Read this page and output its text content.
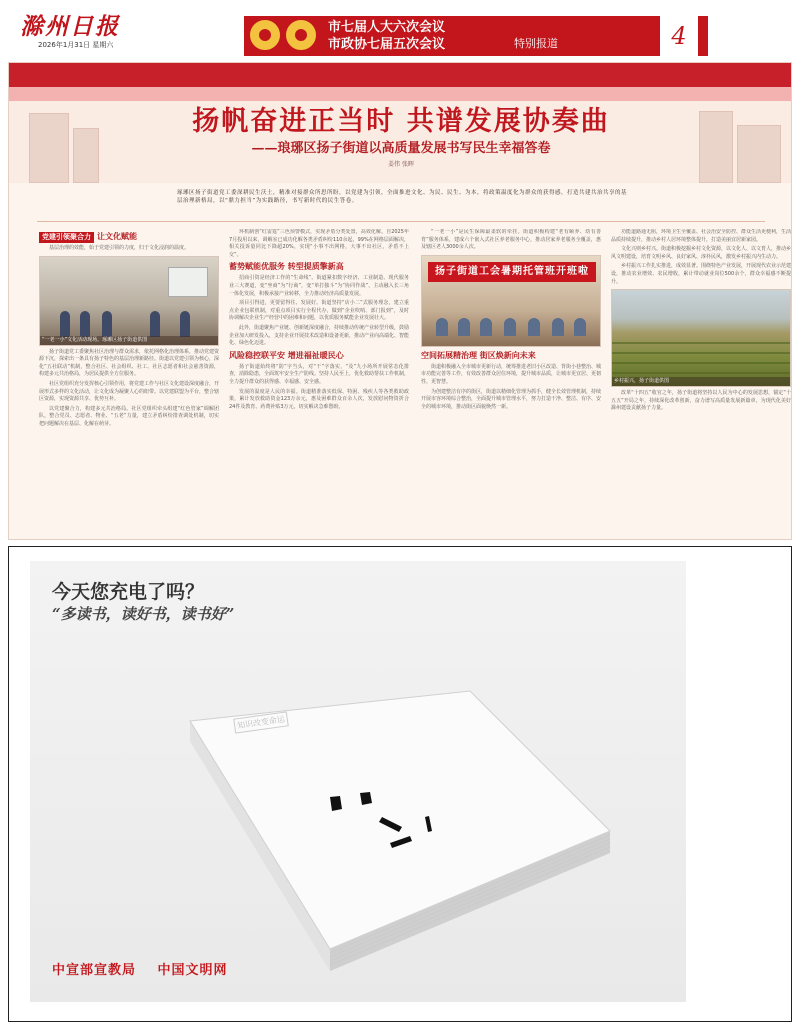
滁州日报
2026年1月31日 星期六
市七届人大六次会议
市政协七届五次会议	特别报道	4
扬帆奋进正当时 共谱发展协奏曲
——琅琊区扬子街道以高质量发展书写民生幸福答卷
姜伟 张晖
琢琊区扬子街道党工委深耕民生沃土，精准对接群众所思所盼，以党建为引领，全面推进文化、为民、民生、为本，将政策温度化为群众的获得感，打造共建共治共享的基层治理新格局，以“鼎力担当”为实践路径，书写新时代的民生答卷。
党建引领聚合力 让文化赋能

基层治理的效能，始于党建引领的力度，归于文化浸润的温度。

“一老一小”文化活动现场。琢琊区扬子街道供图

扬子街道党工委聚焦社区治理与群众需求，依托网格化治理体系，推动党建资源下沉，探索出一条具有扬子特色的基层治理新路径。街道以党建引领为核心，深化“五社联动”机制，整合社区、社会组织、社工、社区志愿者和社会慈善资源，构建多元共治格局，为居民提供全方位服务。

社区党组织充分发挥核心引领作用，将党建工作与社区文化建设深度融合，开展形式多样的文化活动，让文化成为凝聚人心的纽带。以党建联盟为平台，整合辖区资源，实现资源共享、优势互补。

以党建聚合力，构建多元共治格局。社区党组织牵头组建“红色管家”调解团队，整合党员、志愿者、物业、“五老”力量，建立矛盾纠纷排查调处机制，切实把问题解决在基层、化解在萌芽。

环机制创“红雷霆”三色预警模式，实现矛盾分类处置，高效化解。自2025年7月投用以来，调解室已成功化解各类矛盾纠纷110余起，99%在网格层面解决，相关投诉量同比下降超20%，实现“小事不出网格，大事不出社区，矛盾不上交”。

蓄势赋能优服务 转型提质擎新高

招商引资是经济工作的“生命线”。街道紧扣数字经济、工业制造、现代服务业三大赛道，变“坐商”为“行商”，变“单打独斗”为“协同作战”，主动融入长三角一体化发展，积极承接产业转移，全力推动经济高质量发展。

项目引得进，更要留得住、发展好。街道坚持“店小二”式服务理念，建立重点企业包联机制，对重点项目实行全程代办，做到“企业吹哨、部门报到”，及时协调解决企业生产经营中的困难和问题，以优质服务赋能企业发展壮大。

此外，街道聚焦产业链、创新链深度融合，持续推动传统产业转型升级，鼓励企业加大研发投入，支持企业开展技术改造和设备更新，推动产业向高端化、智能化、绿色化迈进。

风险稳控联平安 增进福祉暖民心

扬子街道始终将“防”字当头，对“干”字落实，“及”九小场所开展常态化排查，消除隐患，全面筑牢安全生产防线。坚持人民至上，优化救助帮扶工作机制，全力提升群众的获得感、幸福感、安全感。

发展的温度是人民的幸福。街道精准落实低保、特困、残疾人等各类救助政策，累计发放救助资金123万余元，惠及困难群众百余人次，发放慰问物资折合24件及教育、药费补贴3万元，切实解决急难愁盼。

“一老一小”是民生保障最柔软的牵挂。街道积极构建“老有颐养、幼有善育”服务体系，建成六个嵌入式社区养老服务中心，推动居家养老服务全覆盖，惠及辖区老人3000余人次。

扬子街道工会暑期托管班开班啦
空间拓展精治理 街区焕新向未来

街道积极融入全市城市更新行动，统筹推进老旧小区改造、背街小巷整治、城市功能完善等工作，有效改善群众居住环境，提升城市品质，让城市更宜居、更韧性、更智慧。

为创建整洁有序的街区，街道以精细化管理为抓手，健全长效管理机制，持续开展市容环境综合整治，全面提升城市管理水平，努力打造干净、整洁、有序、安全的城市环境，推动街区面貌焕然一新。

功能道路通无阻，环境卫生全覆盖、社会治安全防控、群众生活更便利，生活品质持续提升，推动乡村人居环境整体提升，打造美丽宜居新家园。

文化兴则乡村兴。街道积极挖掘乡村文化资源，以文化人、以文育人，推动乡风文明建设，培育文明乡风、良好家风、淳朴民风，激发乡村振兴内生动力。

乡村振兴工作扎实推进，成效显著。围绕特色产业发展，开展现代农业示范建设，推动农业增效、农民增收，累计带动就业岗位500余个，群众幸福感不断提升。

乡村振兴，扬子街道供图

改革“十四五”收官之年，扬子街道将坚持以人民为中心的发展思想，锚定“十五五”开局之年，持续深化改革创新，奋力谱写高质量发展新篇章，为现代化美好滁州建设贡献扬子力量。

今天您充电了吗？
“多读书，读好书，读书好”
知识改变命运
中宣部宣教局 中国文明网
